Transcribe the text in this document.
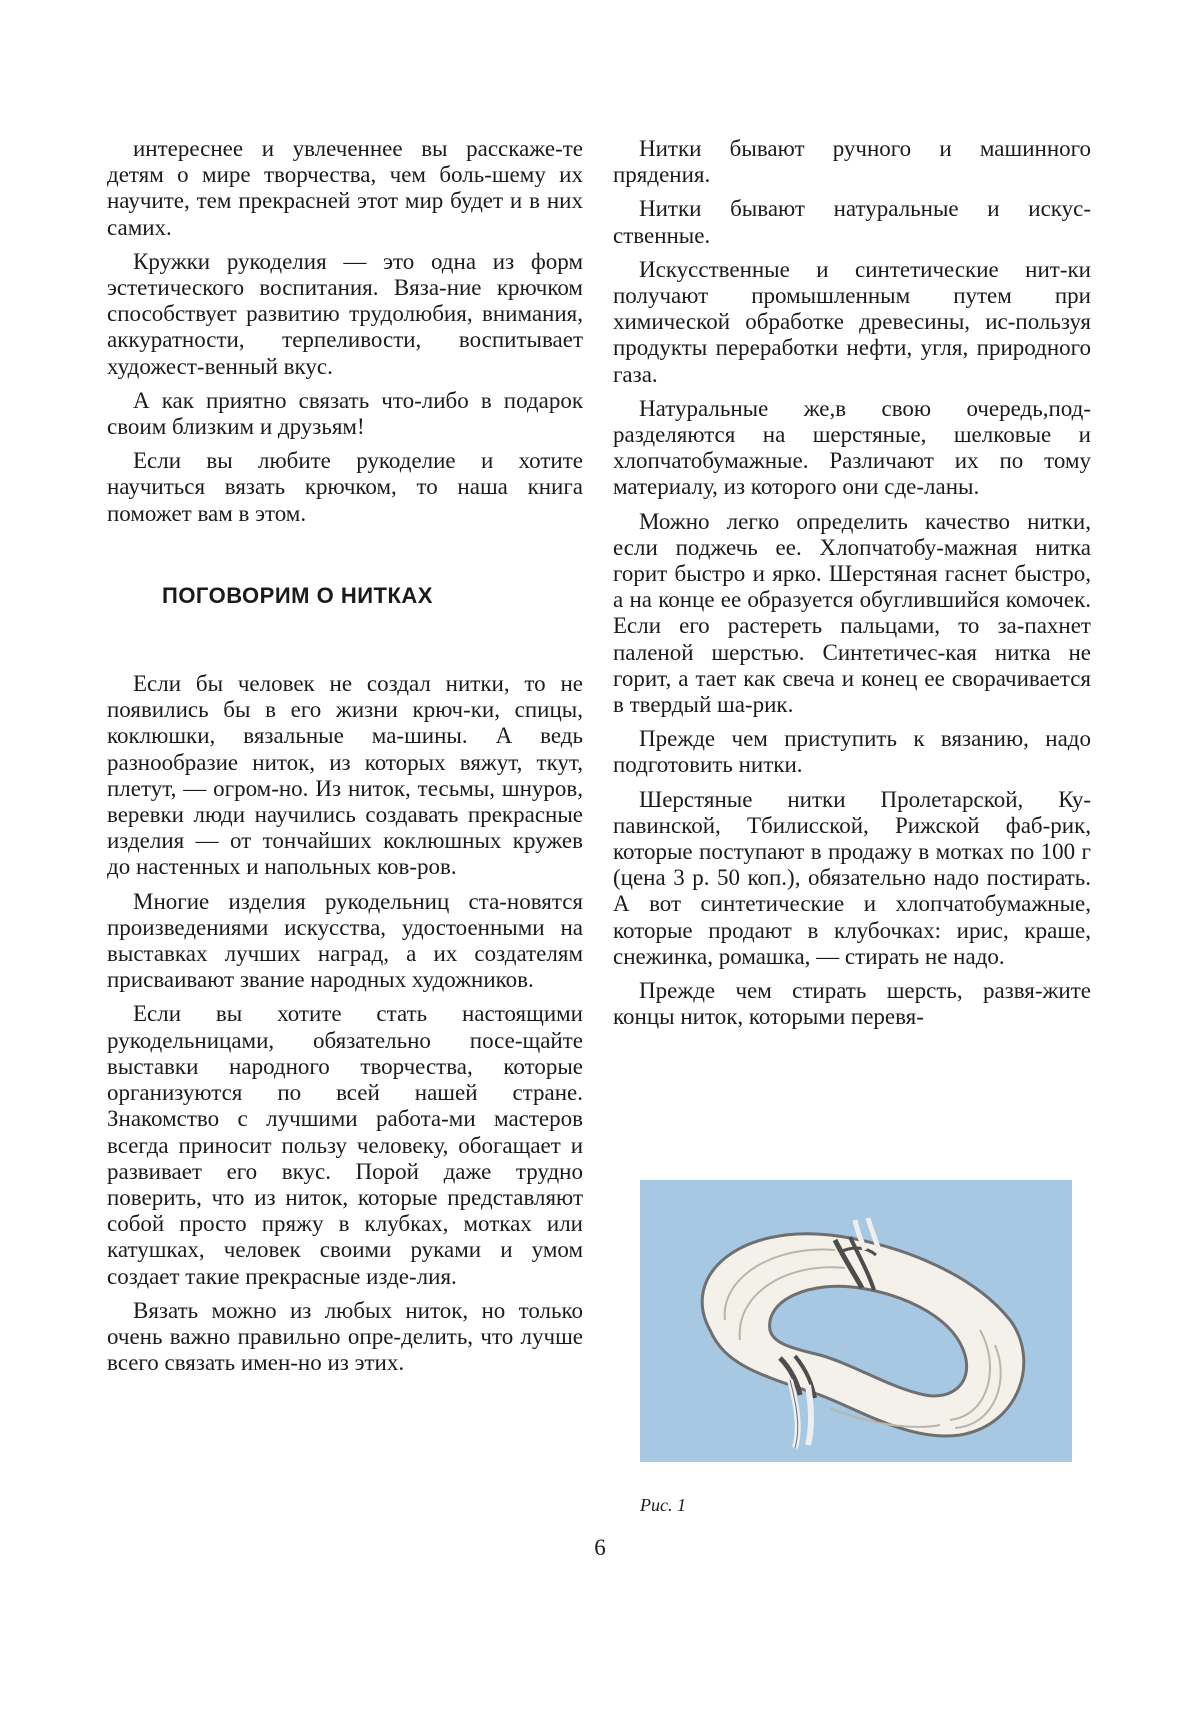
интереснее и увлеченнее вы расскаже-те детям о мире творчества, чем боль-шему их научите, тем прекрасней этот мир будет и в них самих.

Кружки рукоделия — это одна из форм эстетического воспитания. Вяза-ние крючком способствует развитию трудолюбия, внимания, аккуратности, терпеливости, воспитывает художест-венный вкус.

А как приятно связать что-либо в подарок своим близким и друзьям!

Если вы любите рукоделие и хотите научиться вязать крючком, то наша книга поможет вам в этом.

ПОГОВОРИМ О НИТКАХ

Если бы человек не создал нитки, то не появились бы в его жизни крюч-ки, спицы, коклюшки, вязальные ма-шины. А ведь разнообразие ниток, из которых вяжут, ткут, плетут, — огром-но. Из ниток, тесьмы, шнуров, веревки люди научились создавать прекрасные изделия — от тончайших коклюшных кружев до настенных и напольных ков-ров.

Многие изделия рукодельниц ста-новятся произведениями искусства, удостоенными на выставках лучших наград, а их создателям присваивают звание народных художников.

Если вы хотите стать настоящими рукодельницами, обязательно посе-щайте выставки народного творчества, которые организуются по всей нашей стране. Знакомство с лучшими работа-ми мастеров всегда приносит пользу человеку, обогащает и развивает его вкус. Порой даже трудно поверить, что из ниток, которые представляют собой просто пряжу в клубках, мотках или катушках, человек своими руками и умом создает такие прекрасные изде-лия.

Вязать можно из любых ниток, но только очень важно правильно опре-делить, что лучше всего связать имен-но из этих.

Нитки бывают ручного и машинного прядения.

Нитки бывают натуральные и искус-ственные.

Искусственные и синтетические нит-ки получают промышленным путем при химической обработке древесины, ис-пользуя продукты переработки нефти, угля, природного газа.

Натуральные же,в свою очередь,под-разделяются на шерстяные, шелковые и хлопчатобумажные. Различают их по тому материалу, из которого они сде-ланы.

Можно легко определить качество нитки, если поджечь ее. Хлопчатобу-мажная нитка горит быстро и ярко. Шерстяная гаснет быстро, а на конце ее образуется обуглившийся комочек. Если его растереть пальцами, то за-пахнет паленой шерстью. Синтетичес-кая нитка не горит, а тает как свеча и конец ее сворачивается в твердый ша-рик.

Прежде чем приступить к вязанию, надо подготовить нитки.

Шерстяные нитки Пролетарской, Ку-павинской, Тбилисской, Рижской фаб-рик, которые поступают в продажу в мотках по 100 г (цена 3 р. 50 коп.), обязательно надо постирать. А вот синтетические и хлопчатобумажные, которые продают в клубочках: ирис, краше, снежинка, ромашка, — стирать не надо.

Прежде чем стирать шерсть, развя-жите концы ниток, которыми перевя-

Рис. 1
6
